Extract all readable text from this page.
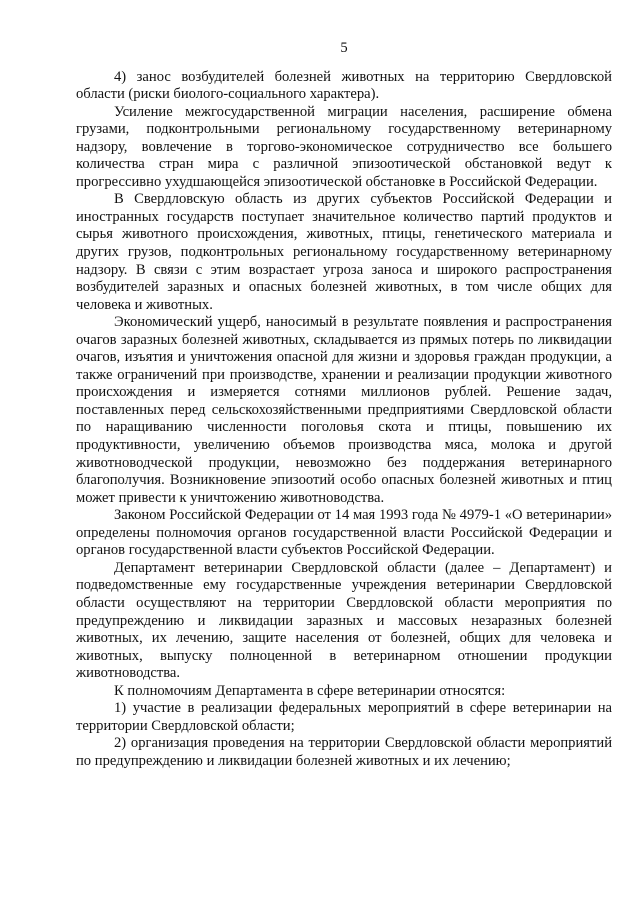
5

4) занос возбудителей болезней животных на территорию Свердловской области (риски биолого-социального характера).

Усиление межгосударственной миграции населения, расширение обмена грузами, подконтрольными региональному государственному ветеринарному надзору, вовлечение в торгово-экономическое сотрудничество все большего количества стран мира с различной эпизоотической обстановкой ведут к прогрессивно ухудшающейся эпизоотической обстановке в Российской Федерации.

В Свердловскую область из других субъектов Российской Федерации и иностранных государств поступает значительное количество партий продуктов и сырья животного происхождения, животных, птицы, генетического материала и других грузов, подконтрольных региональному государственному ветеринарному надзору. В связи с этим возрастает угроза заноса и широкого распространения возбудителей заразных и опасных болезней животных, в том числе общих для человека и животных.

Экономический ущерб, наносимый в результате появления и распространения очагов заразных болезней животных, складывается из прямых потерь по ликвидации очагов, изъятия и уничтожения опасной для жизни и здоровья граждан продукции, а также ограничений при производстве, хранении и реализации продукции животного происхождения и измеряется сотнями миллионов рублей. Решение задач, поставленных перед сельскохозяйственными предприятиями Свердловской области по наращиванию численности поголовья скота и птицы, повышению их продуктивности, увеличению объемов производства мяса, молока и другой животноводческой продукции, невозможно без поддержания ветеринарного благополучия. Возникновение эпизоотий особо опасных болезней животных и птиц может привести к уничтожению животноводства.

Законом Российской Федерации от 14 мая 1993 года № 4979-1 «О ветеринарии» определены полномочия органов государственной власти Российской Федерации и органов государственной власти субъектов Российской Федерации.

Департамент ветеринарии Свердловской области (далее – Департамент) и подведомственные ему государственные учреждения ветеринарии Свердловской области осуществляют на территории Свердловской области мероприятия по предупреждению и ликвидации заразных и массовых незаразных болезней животных, их лечению, защите населения от болезней, общих для человека и животных, выпуску полноценной в ветеринарном отношении продукции животноводства.

К полномочиям Департамента в сфере ветеринарии относятся:

1) участие в реализации федеральных мероприятий в сфере ветеринарии на территории Свердловской области;

2) организация проведения на территории Свердловской области мероприятий по предупреждению и ликвидации болезней животных и их лечению;
